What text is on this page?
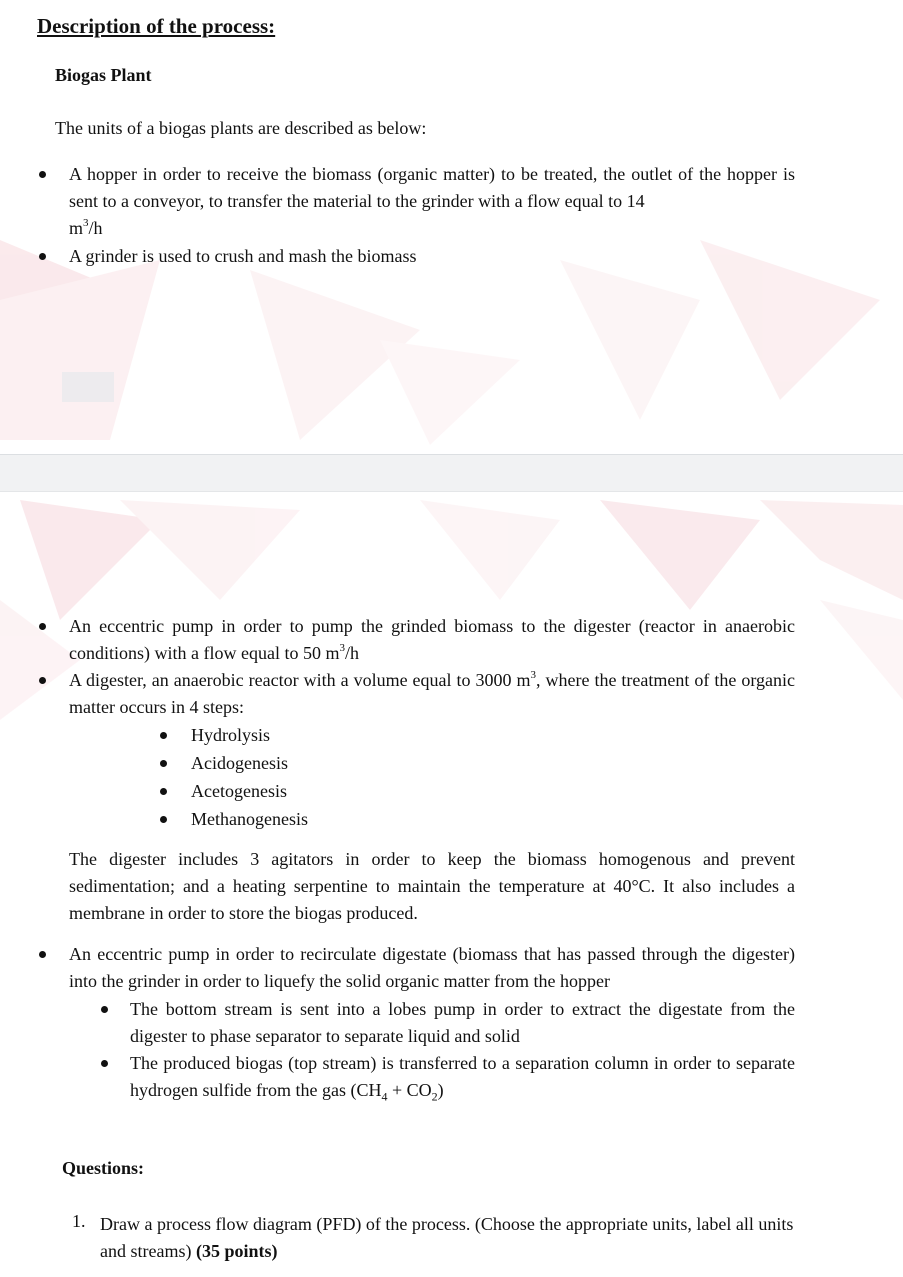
Description of the process:
Biogas Plant
The units of a biogas plants are described as below:
A hopper in order to receive the biomass (organic matter) to be treated, the outlet of the hopper is sent to a conveyor, to transfer the material to the grinder with a flow equal to 14
$m^3/h$
A grinder is used to crush and mash the biomass
An eccentric pump in order to pump the grinded biomass to the digester (reactor in anaerobic conditions) with a flow equal to 50 $m^3/h$
A digester, an anaerobic reactor with a volume equal to 3000 $m^3$, where the treatment of the organic matter occurs in 4 steps:
Hydrolysis
Acidogenesis
Acetogenesis
Methanogenesis
The digester includes 3 agitators in order to keep the biomass homogenous and prevent sedimentation; and a heating serpentine to maintain the temperature at 40°C. It also includes a membrane in order to store the biogas produced.
An eccentric pump in order to recirculate digestate (biomass that has passed through the digester) into the grinder in order to liquefy the solid organic matter from the hopper
The bottom stream is sent into a lobes pump in order to extract the digestate from the digester to phase separator to separate liquid and solid
The produced biogas (top stream) is transferred to a separation column in order to separate hydrogen sulfide from the gas $(CH_4 + CO_2)$
Questions:
1. Draw a process flow diagram (PFD) of the process. (Choose the appropriate units, label all units and streams) (35 points)
